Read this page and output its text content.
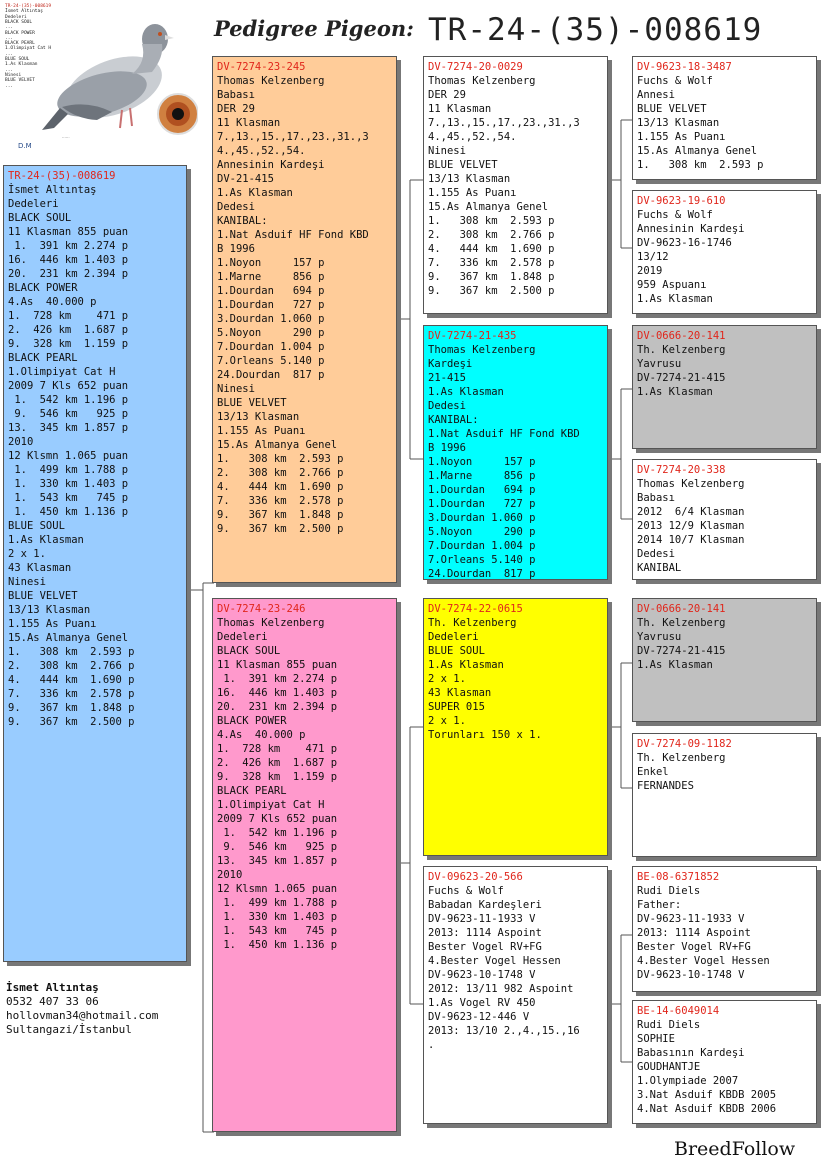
TR-24-(35)-008619
İsmet Altıntaş
Dedeleri
BLACK SOUL
...
BLACK POWER
...
BLACK PEARL
1.Olimpiyat Cat H
...
BLUE SOUL
1.As Klasman
...
Ninesi
BLUE VELVET
...
D.M
......
Pedigree Pigeon: TR-24-(35)-008619
TR-24-(35)-008619
İsmet Altıntaş
Dedeleri
BLACK SOUL
11 Klasman 855 puan
1.  391 km 2.274 p
16.  446 km 1.403 p
20.  231 km 2.394 p
BLACK POWER
4.As  40.000 p
1.  728 km    471 p
2.  426 km  1.687 p
9.  328 km  1.159 p
BLACK PEARL
1.Olimpiyat Cat H
2009 7 Kls 652 puan
1.  542 km 1.196 p
9.  546 km   925 p
13.  345 km 1.857 p
2010
12 Klsmn 1.065 puan
1.  499 km 1.788 p
1.  330 km 1.403 p
1.  543 km   745 p
1.  450 km 1.136 p
BLUE SOUL
1.As Klasman
2 x 1.
43 Klasman
Ninesi
BLUE VELVET
13/13 Klasman
1.155 As Puanı
15.As Almanya Genel
1.   308 km  2.593 p
2.   308 km  2.766 p
4.   444 km  1.690 p
7.   336 km  2.578 p
9.   367 km  1.848 p
9.   367 km  2.500 p
DV-7274-23-245
Thomas Kelzenberg
Babası
DER 29
11 Klasman
7.,13.,15.,17.,23.,31.,3
4.,45.,52.,54.
Annesinin Kardeşi
DV-21-415
1.As Klasman
Dedesi
KANIBAL:
1.Nat Asduif HF Fond KBD
B 1996
1.Noyon     157 p
1.Marne     856 p
1.Dourdan   694 p
1.Dourdan   727 p
3.Dourdan 1.060 p
5.Noyon     290 p
7.Dourdan 1.004 p
7.Orleans 5.140 p
24.Dourdan  817 p
Ninesi
BLUE VELVET
13/13 Klasman
1.155 As Puanı
15.As Almanya Genel
1.   308 km  2.593 p
2.   308 km  2.766 p
4.   444 km  1.690 p
7.   336 km  2.578 p
9.   367 km  1.848 p
9.   367 km  2.500 p
DV-7274-23-246
Thomas Kelzenberg
Dedeleri
BLACK SOUL
11 Klasman 855 puan
1.  391 km 2.274 p
16.  446 km 1.403 p
20.  231 km 2.394 p
BLACK POWER
4.As  40.000 p
1.  728 km    471 p
2.  426 km  1.687 p
9.  328 km  1.159 p
BLACK PEARL
1.Olimpiyat Cat H
2009 7 Kls 652 puan
1.  542 km 1.196 p
9.  546 km   925 p
13.  345 km 1.857 p
2010
12 Klsmn 1.065 puan
1.  499 km 1.788 p
1.  330 km 1.403 p
1.  543 km   745 p
1.  450 km 1.136 p
DV-7274-20-0029
Thomas Kelzenberg
DER 29
11 Klasman
7.,13.,15.,17.,23.,31.,3
4.,45.,52.,54.
Ninesi
BLUE VELVET
13/13 Klasman
1.155 As Puanı
15.As Almanya Genel
1.   308 km  2.593 p
2.   308 km  2.766 p
4.   444 km  1.690 p
7.   336 km  2.578 p
9.   367 km  1.848 p
9.   367 km  2.500 p
DV-7274-21-435
Thomas Kelzenberg
Kardeşi
21-415
1.As Klasman
Dedesi
KANIBAL:
1.Nat Asduif HF Fond KBD
B 1996
1.Noyon     157 p
1.Marne     856 p
1.Dourdan   694 p
1.Dourdan   727 p
3.Dourdan 1.060 p
5.Noyon     290 p
7.Dourdan 1.004 p
7.Orleans 5.140 p
24.Dourdan  817 p
DV-7274-22-0615
Th. Kelzenberg
Dedeleri
BLUE SOUL
1.As Klasman
2 x 1.
43 Klasman
SUPER 015
2 x 1.
Torunları 150 x 1.
DV-09623-20-566
Fuchs & Wolf
Babadan Kardeşleri
DV-9623-11-1933 V
2013: 1114 Aspoint
Bester Vogel RV+FG
4.Bester Vogel Hessen
DV-9623-10-1748 V
2012: 13/11 982 Aspoint
1.As Vogel RV 450
DV-9623-12-446 V
2013: 13/10 2.,4.,15.,16
.
DV-9623-18-3487
Fuchs & Wolf
Annesi
BLUE VELVET
13/13 Klasman
1.155 As Puanı
15.As Almanya Genel
1.   308 km  2.593 p
DV-9623-19-610
Fuchs & Wolf
Annesinin Kardeşi
DV-9623-16-1746
13/12
2019
959 Aspuanı
1.As Klasman
DV-0666-20-141
Th. Kelzenberg
Yavrusu
DV-7274-21-415
1.As Klasman
DV-7274-20-338
Thomas Kelzenberg
Babası
2012  6/4 Klasman
2013 12/9 Klasman
2014 10/7 Klasman
Dedesi
KANIBAL
DV-0666-20-141
Th. Kelzenberg
Yavrusu
DV-7274-21-415
1.As Klasman
DV-7274-09-1182
Th. Kelzenberg
Enkel
FERNANDES
BE-08-6371852
Rudi Diels
Father:
DV-9623-11-1933 V
2013: 1114 Aspoint
Bester Vogel RV+FG
4.Bester Vogel Hessen
DV-9623-10-1748 V
BE-14-6049014
Rudi Diels
SOPHIE
Babasının Kardeşi
GOUDHANTJE
1.Olympiade 2007
3.Nat Asduif KBDB 2005
4.Nat Asduif KBDB 2006
İsmet Altıntaş
0532 407 33 06
hollovman34@hotmail.com
Sultangazi/İstanbul
BreedFollow
